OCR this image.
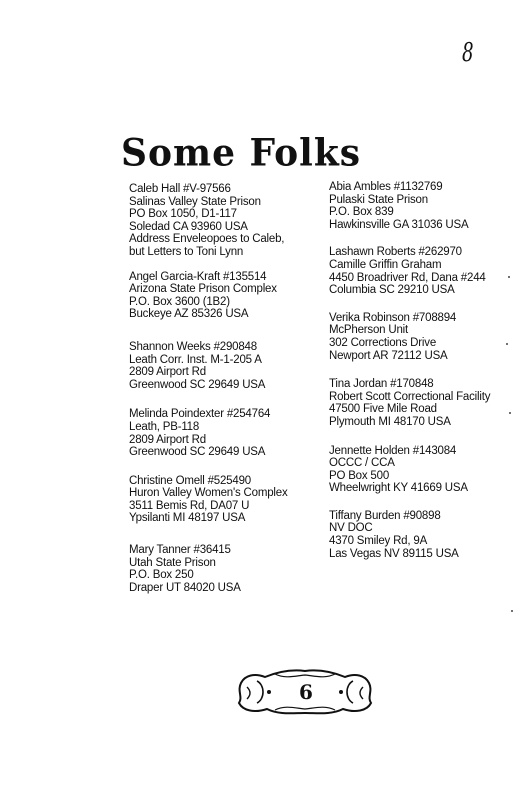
8
Some Folks
Caleb Hall #V-97566
Salinas Valley State Prison
PO Box 1050, D1-117
Soledad CA 93960 USA
Address Enveleopoes to Caleb,
but Letters to Toni Lynn
Angel Garcia-Kraft #135514
Arizona State Prison Complex
P.O. Box 3600 (1B2)
Buckeye AZ 85326 USA
Shannon Weeks #290848
Leath Corr. Inst. M-1-205 A
2809 Airport Rd
Greenwood SC 29649 USA
Melinda Poindexter #254764
Leath, PB-118
2809 Airport Rd
Greenwood SC 29649 USA
Christine Omell #525490
Huron Valley Women's Complex
3511 Bemis Rd, DA07 U
Ypsilanti MI 48197 USA
Mary Tanner #36415
Utah State Prison
P.O. Box 250
Draper UT 84020 USA
Abia Ambles #1132769
Pulaski State Prison
P.O. Box 839
Hawkinsville GA 31036 USA
Lashawn Roberts #262970
Camille Griffin Graham
4450 Broadriver Rd, Dana #244
Columbia SC 29210 USA
Verika Robinson #708894
McPherson Unit
302 Corrections Drive
Newport AR 72112 USA
Tina Jordan #170848
Robert Scott Correctional Facility
47500 Five Mile Road
Plymouth MI 48170 USA
Jennette Holden #143084
OCCC / CCA
PO Box 500
Wheelwright KY 41669 USA
Tiffany Burden #90898
NV DOC
4370 Smiley Rd, 9A
Las Vegas NV 89115 USA
6
